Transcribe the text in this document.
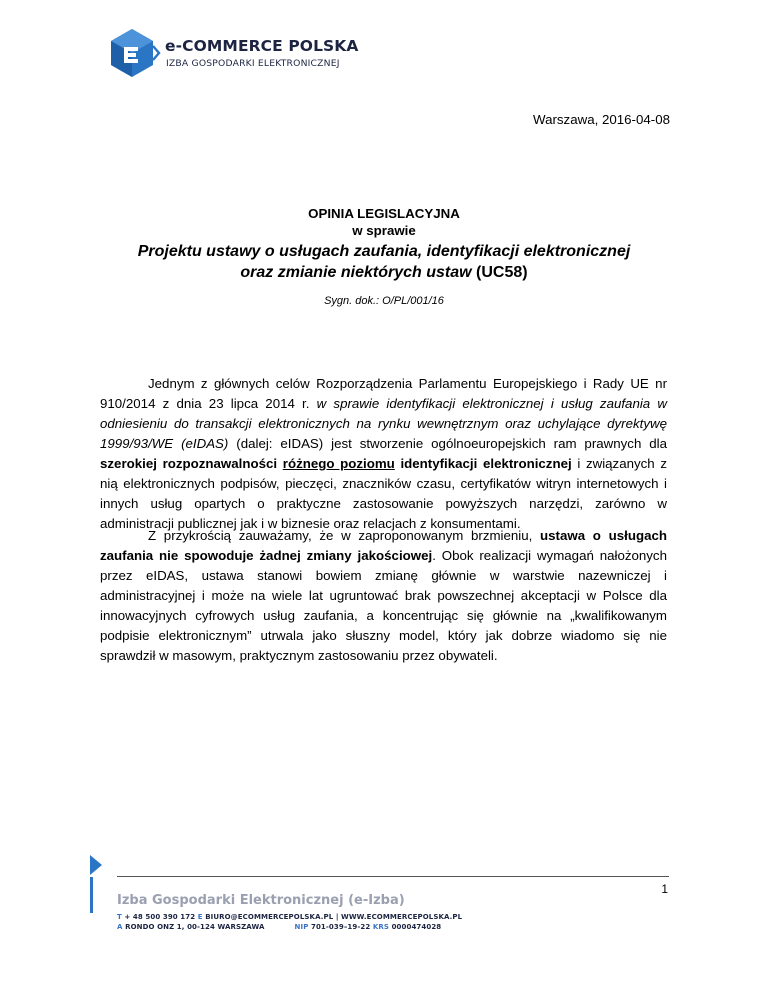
e-COMMERCE POLSKA
IZBA GOSPODARKI ELEKTRONICZNEJ
Warszawa, 2016-04-08
OPINIA LEGISLACYJNA
w sprawie
Projektu ustawy o usługach zaufania, identyfikacji elektronicznej
oraz zmianie niektórych ustaw (UC58)
Sygn. dok.: O/PL/001/16
Jednym z głównych celów Rozporządzenia Parlamentu Europejskiego i Rady UE nr 910/2014 z dnia 23 lipca 2014 r. w sprawie identyfikacji elektronicznej i usług zaufania w odniesieniu do transakcji elektronicznych na rynku wewnętrznym oraz uchylające dyrektywę 1999/93/WE (eIDAS) (dalej: eIDAS) jest stworzenie ogólnoeuropejskich ram prawnych dla szerokiej rozpoznawalności różnego poziomu identyfikacji elektronicznej i związanych z nią elektronicznych podpisów, pieczęci, znaczników czasu, certyfikatów witryn internetowych i innych usług opartych o praktyczne zastosowanie powyższych narzędzi, zarówno w administracji publicznej jak i w biznesie oraz relacjach z konsumentami.
Z przykrością zauważamy, że w zaproponowanym brzmieniu, ustawa o usługach zaufania nie spowoduje żadnej zmiany jakościowej. Obok realizacji wymagań nałożonych przez eIDAS, ustawa stanowi bowiem zmianę głównie w warstwie nazewniczej i administracyjnej i może na wiele lat ugruntować brak powszechnej akceptacji w Polsce dla innowacyjnych cyfrowych usług zaufania, a koncentrując się głównie na „kwalifikowanym podpisie elektronicznym” utrwala jako słuszny model, który jak dobrze wiadomo się nie sprawdził w masowym, praktycznym zastosowaniu przez obywateli.
1
Izba Gospodarki Elektronicznej (e-Izba)
T + 48 500 390 172 E BIURO@ECOMMERCEPOLSKA.PL | WWW.ECOMMERCEPOLSKA.PL
A RONDO ONZ 1, 00-124 WARSZAWA	NIP 701-039–19-22 KRS 0000474028
